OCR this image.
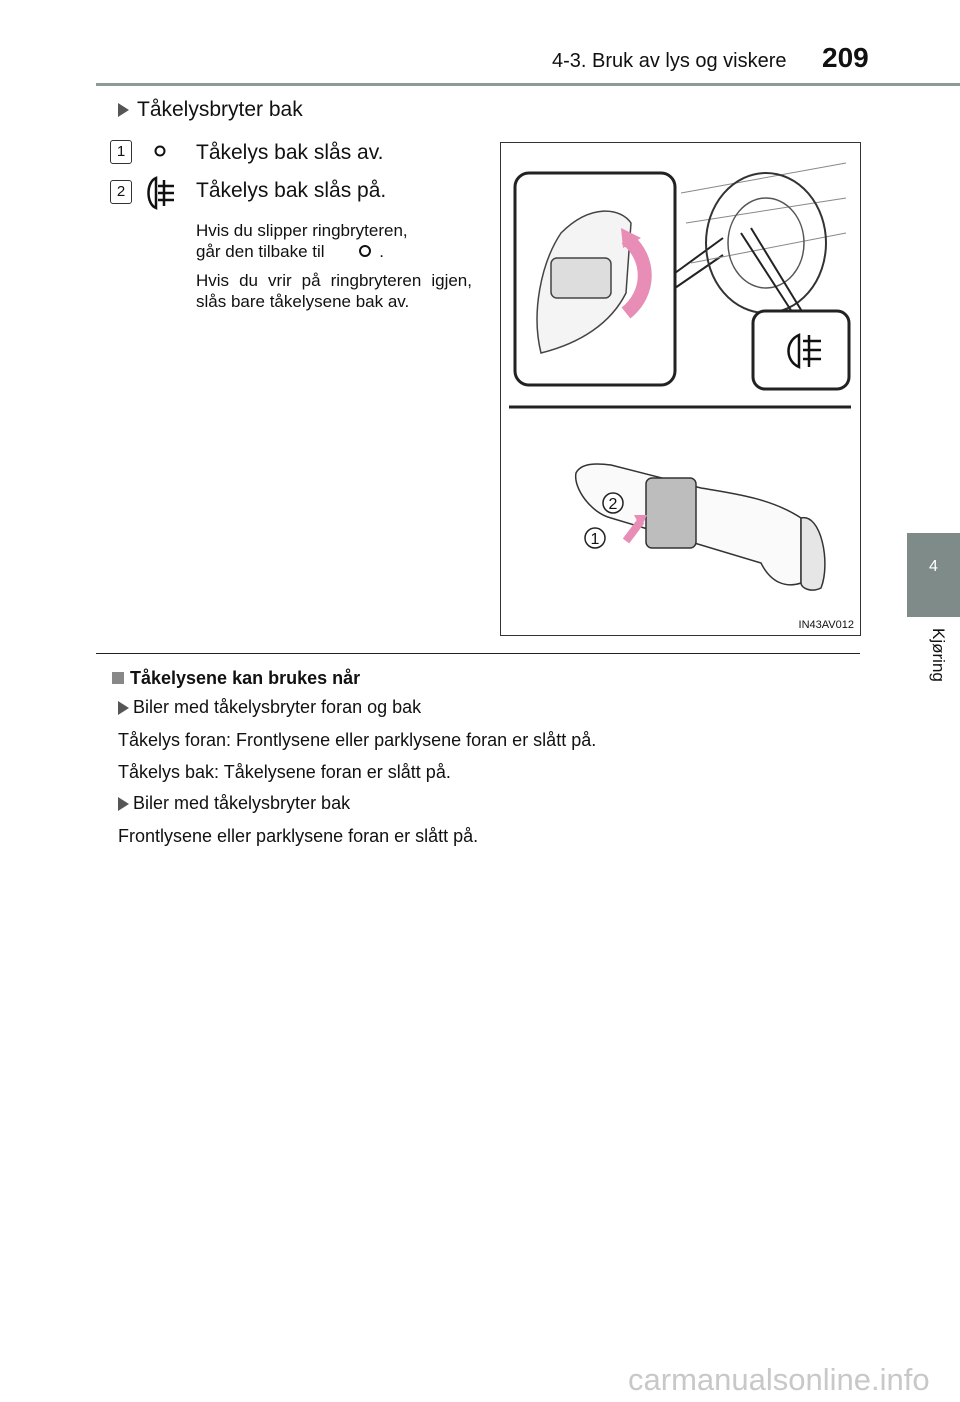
4-3. Bruk av lys og viskere 209
4
Kjøring
Tåkelysbryter bak
1	Tåkelys bak slås av.
2	Tåkelys bak slås på.
Hvis du slipper ringbryteren,
går den tilbake til	.
Hvis du vrir på ringbryteren igjen, slås bare tåkelysene bak av.
2
1
IN43AV012
Tåkelysene kan brukes når
Biler med tåkelysbryter foran og bak
Tåkelys foran: Frontlysene eller parklysene foran er slått på.
Tåkelys bak: Tåkelysene foran er slått på.
Biler med tåkelysbryter bak
Frontlysene eller parklysene foran er slått på.
carmanualsonline.info
